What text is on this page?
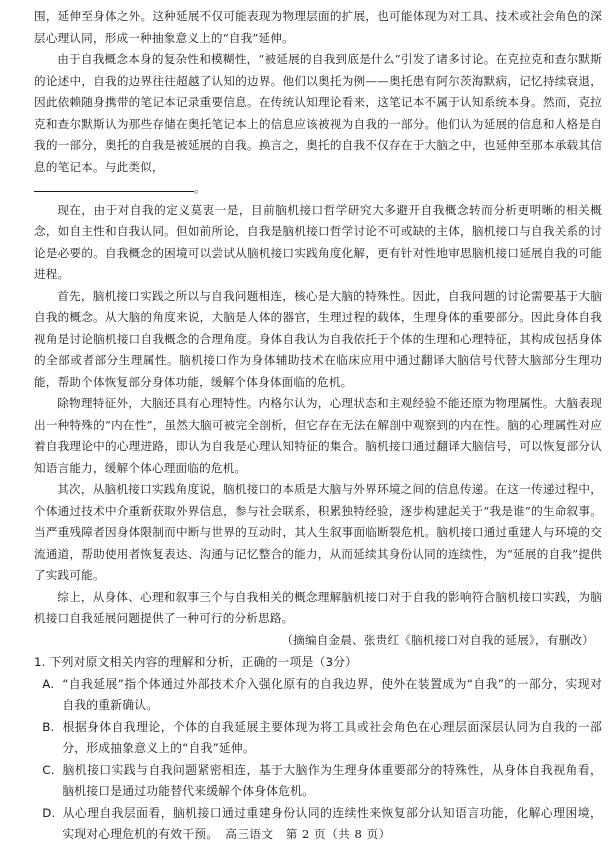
围，延伸至身体之外。这种延展不仅可能表现为物理层面的扩展，也可能体现为对工具、技术或社会角色的深层心理认同，形成一种抽象意义上的“自我”延伸。

由于自我概念本身的复杂性和模糊性，“被延展的自我到底是什么”引发了诸多讨论。在克拉克和查尔默斯的论述中，自我的边界往往超越了认知的边界。他们以奥托为例——奥托患有阿尔茨海默病，记忆持续衰退，因此依赖随身携带的笔记本记录重要信息。在传统认知理论看来，这笔记本不属于认知系统本身。然而，克拉克和查尔默斯认为那些存储在奥托笔记本上的信息应该被视为自我的一部分。他们认为延展的信息和人格是自我的一部分，奥托的自我是被延展的自我。换言之，奥托的自我不仅存在于大脑之中，也延伸至那本承载其信息的笔记本。与此类似，
。

现在，由于对自我的定义莫衷一是，目前脑机接口哲学研究大多避开自我概念转而分析更明晰的相关概念，如自主性和自我认同。但如前所论，自我是脑机接口哲学讨论不可或缺的主体，脑机接口与自我关系的讨论是必要的。自我概念的困境可以尝试从脑机接口实践角度化解，更有针对性地审思脑机接口延展自我的可能进程。

首先，脑机接口实践之所以与自我问题相连，核心是大脑的特殊性。因此，自我问题的讨论需要基于大脑自我的概念。从大脑的角度来说，大脑是人体的器官，生理过程的载体，生理身体的重要部分。因此身体自我视角是讨论脑机接口自我概念的合理角度。身体自我认为自我依托于个体的生理和心理特征，其构成包括身体的全部或者部分生理属性。脑机接口作为身体辅助技术在临床应用中通过翻译大脑信号代替大脑部分生理功能，帮助个体恢复部分身体功能，缓解个体身体面临的危机。

除物理特征外，大脑还具有心理特性。内格尔认为，心理状态和主观经验不能还原为物理属性。大脑表现出一种特殊的“内在性”，虽然大脑可被完全剖析，但它存在无法在解剖中观察到的内在性。脑的心理属性对应着自我理论中的心理进路，即认为自我是心理认知特征的集合。脑机接口通过翻译大脑信号，可以恢复部分认知语言能力，缓解个体心理面临的危机。

其次，从脑机接口实践角度说，脑机接口的本质是大脑与外界环境之间的信息传递。在这一传递过程中，个体通过技术中介重新获取外界信息，参与社会联系，积累独特经验，逐步构建起关于“我是谁”的生命叙事。当严重残障者因身体限制而中断与世界的互动时，其人生叙事面临断裂危机。脑机接口通过重建人与环境的交流通道，帮助使用者恢复表达、沟通与记忆整合的能力，从而延续其身份认同的连续性，为“延展的自我”提供了实践可能。

综上，从身体、心理和叙事三个与自我相关的概念理解脑机接口对于自我的影响符合脑机接口实践，为脑机接口自我延展问题提供了一种可行的分析思路。

（摘编自金晨、张贵红《脑机接口对自我的延展》，有删改）

1. 下列对原文相关内容的理解和分析，正确的一项是（3分）

A. “自我延展”指个体通过外部技术介入强化原有的自我边界，使外在装置成为“自我”的一部分，实现对自我的重新确认。

B. 根据身体自我理论，个体的自我延展主要体现为将工具或社会角色在心理层面深层认同为自我的一部分，形成抽象意义上的“自我”延伸。

C. 脑机接口实践与自我问题紧密相连，基于大脑作为生理身体重要部分的特殊性，从身体自我视角看，脑机接口是通过功能替代来缓解个体身体危机。

D. 从心理自我层面看，脑机接口通过重建身份认同的连续性来恢复部分认知语言功能，化解心理困境，实现对心理危机的有效干预。 高三语文　第 2 页（共 8 页）
